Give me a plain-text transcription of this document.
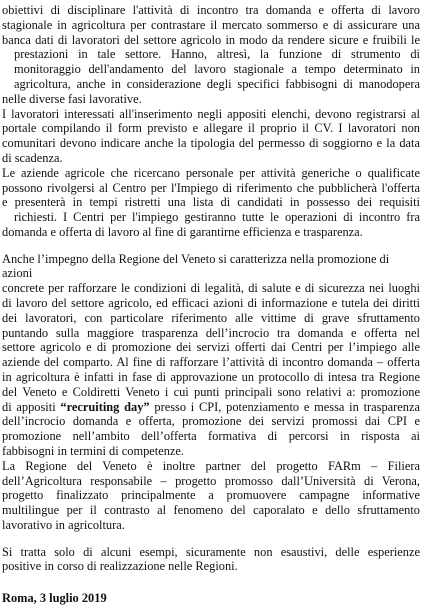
obiettivi di disciplinare l'attività di incontro tra domanda e offerta di lavoro
stagionale in agricoltura per contrastare il mercato sommerso e di assicurare una
banca dati di lavoratori del settore agricolo in modo da rendere sicure e fruibili le
prestazioni in tale settore. Hanno, altresì, la funzione di strumento di
monitoraggio dell'andamento del lavoro stagionale a tempo determinato in
agricoltura, anche in considerazione degli specifici fabbisogni di manodopera
nelle diverse fasi lavorative.
I lavoratori interessati all'inserimento negli appositi elenchi, devono registrarsi al
portale compilando il form previsto e allegare il proprio il CV. I lavoratori non
comunitari devono indicare anche la tipologia del permesso di soggiorno e la data
di scadenza.
Le aziende agricole che ricercano personale per attività generiche o qualificate
possono rivolgersi al Centro per l'Impiego di riferimento che pubblicherà l'offerta
e presenterà in tempi ristretti una lista di candidati in possesso dei requisiti
richiesti. I Centri per l'impiego gestiranno tutte le operazioni di incontro fra
domanda e offerta di lavoro al fine di garantirne efficienza e trasparenza.
Anche l’impegno della Regione del Veneto si caratterizza nella promozione di
azioni
concrete per rafforzare le condizioni di legalità, di salute e di sicurezza nei luoghi
di lavoro del settore agricolo, ed efficaci azioni di informazione e tutela dei diritti
dei lavoratori, con particolare riferimento alle vittime di grave sfruttamento
puntando sulla maggiore trasparenza dell’incrocio tra domanda e offerta nel
settore agricolo e di promozione dei servizi offerti dai Centri per l’impiego alle
aziende del comparto. Al fine di rafforzare l’attività di incontro domanda – offerta
in agricoltura è infatti in fase di approvazione un protocollo di intesa tra Regione
del Veneto e Coldiretti Veneto i cui punti principali sono relativi a: promozione
di appositi “recruiting day” presso i CPI, potenziamento e messa in trasparenza
dell’incrocio domanda e offerta, promozione dei servizi promossi dai CPI e
promozione nell’ambito dell’offerta formativa di percorsi in risposta ai
fabbisogni in termini di competenze.
La Regione del Veneto è inoltre partner del progetto FARm – Filiera
dell’Agricoltura responsabile – progetto promosso dall’Università di Verona,
progetto finalizzato principalmente a promuovere campagne informative
multilingue per il contrasto al fenomeno del caporalato e dello sfruttamento
lavorativo in agricoltura.
Si tratta solo di alcuni esempi, sicuramente non esaustivi, delle esperienze
positive in corso di realizzazione nelle Regioni.
Roma, 3 luglio 2019
